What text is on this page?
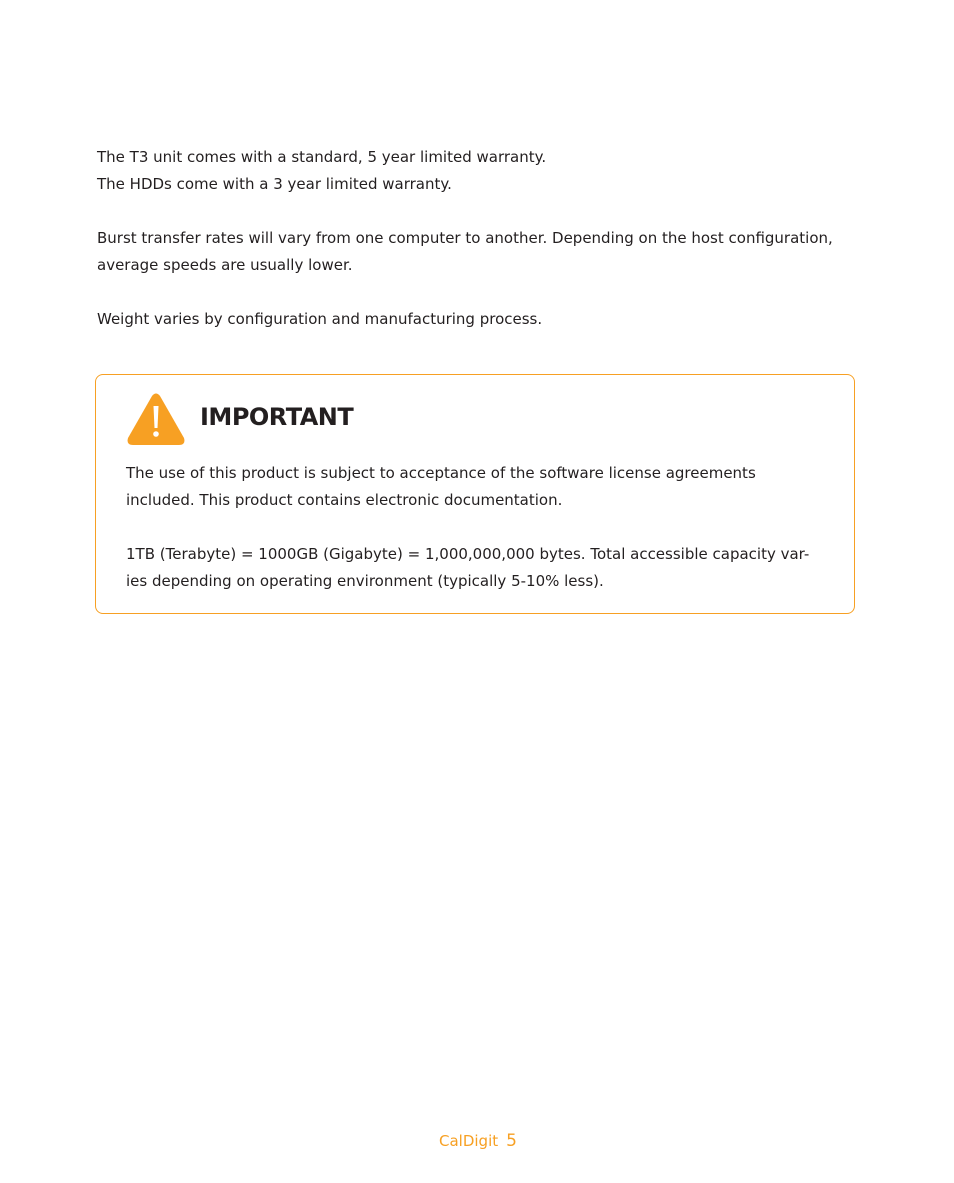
The T3 unit comes with a standard, 5 year limited warranty.
The HDDs come with a 3 year limited warranty.

Burst transfer rates will vary from one computer to another. Depending on the host configuration,
average speeds are usually lower.

Weight varies by configuration and manufacturing process.

IMPORTANT

The use of this product is subject to acceptance of the software license agreements
included. This product contains electronic documentation.

1TB (Terabyte) = 1000GB (Gigabyte) = 1,000,000,000 bytes. Total accessible capacity var-
ies depending on operating environment (typically 5-10% less).

CalDigit 5
